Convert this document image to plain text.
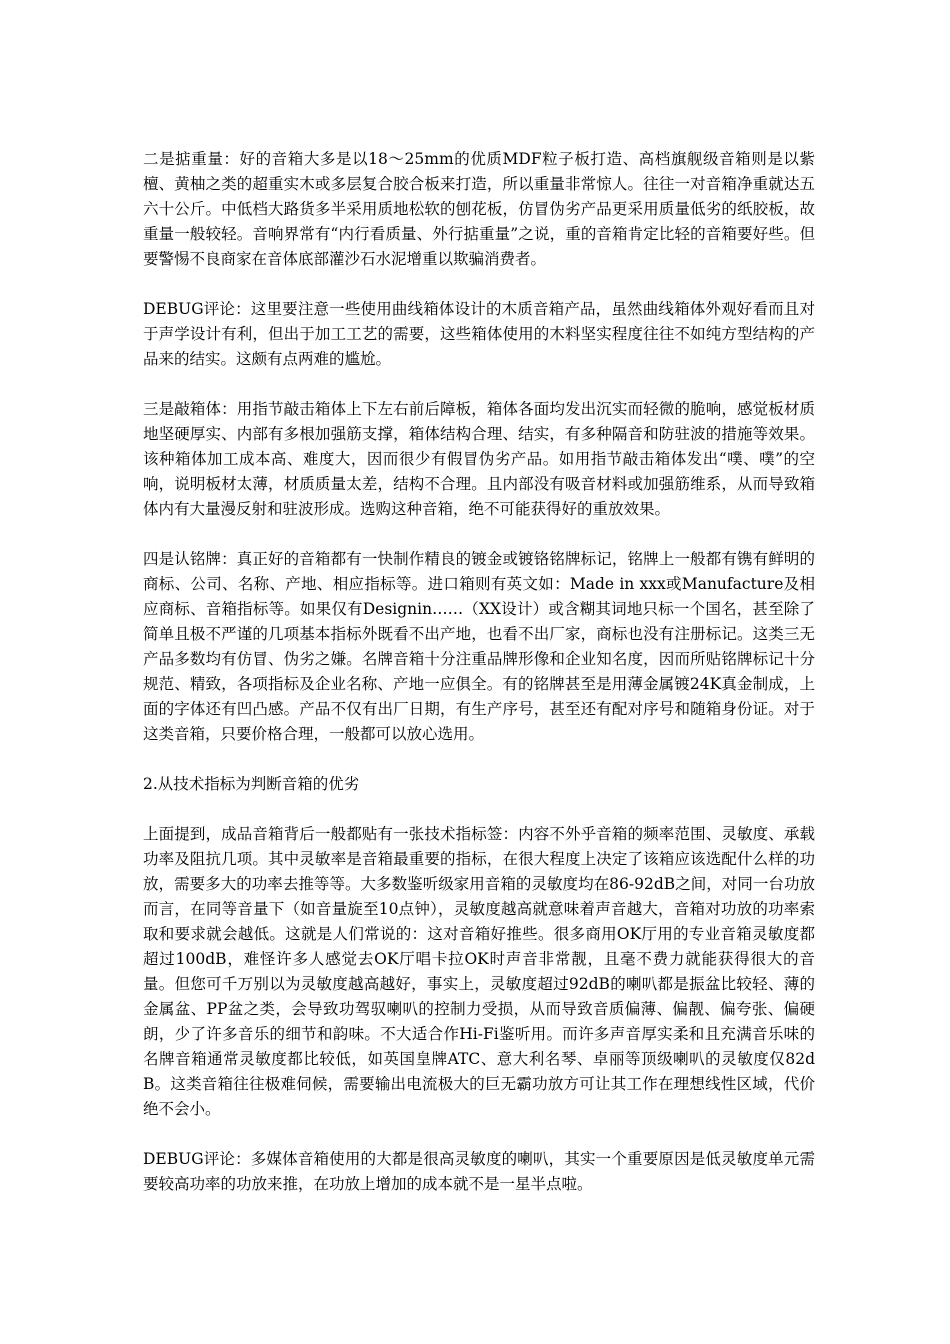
二是掂重量：好的音箱大多是以18～25mm的优质MDF粒子板打造、高档旗舰级音箱则是以紫檀、黄柚之类的超重实木或多层复合胶合板来打造，所以重量非常惊人。往往一对音箱净重就达五六十公斤。中低档大路货多半采用质地松软的刨花板，仿冒伪劣产品更采用质量低劣的纸胶板，故重量一般较轻。音响界常有“内行看质量、外行掂重量”之说，重的音箱肯定比轻的音箱要好些。但要警惕不良商家在音体底部灌沙石水泥增重以欺骗消费者。

DEBUG评论：这里要注意一些使用曲线箱体设计的木质音箱产品，虽然曲线箱体外观好看而且对于声学设计有利，但出于加工工艺的需要，这些箱体使用的木料坚实程度往往不如纯方型结构的产品来的结实。这颇有点两难的尴尬。

三是敲箱体：用指节敲击箱体上下左右前后障板，箱体各面均发出沉实而轻微的脆响，感觉板材质地坚硬厚实、内部有多根加强筋支撑，箱体结构合理、结实，有多种隔音和防驻波的措施等效果。该种箱体加工成本高、难度大，因而很少有假冒伪劣产品。如用指节敲击箱体发出“噗、噗”的空响，说明板材太薄，材质质量太差，结构不合理。且内部没有吸音材料或加强筋维系，从而导致箱体内有大量漫反射和驻波形成。选购这种音箱，绝不可能获得好的重放效果。

四是认铭牌：真正好的音箱都有一快制作精良的镀金或镀铬铭牌标记，铭牌上一般都有镌有鲜明的商标、公司、名称、产地、相应指标等。进口箱则有英文如：Made in xxx或Manufacture及相应商标、音箱指标等。如果仅有Designin……（XX设计）或含糊其词地只标一个国名，甚至除了简单且极不严谨的几项基本指标外既看不出产地，也看不出厂家，商标也没有注册标记。这类三无产品多数均有仿冒、伪劣之嫌。名牌音箱十分注重品牌形像和企业知名度，因而所贴铭牌标记十分规范、精致，各项指标及企业名称、产地一应俱全。有的铭牌甚至是用薄金属镀24K真金制成，上面的字体还有凹凸感。产品不仅有出厂日期，有生产序号，甚至还有配对序号和随箱身份证。对于这类音箱，只要价格合理，一般都可以放心选用。

2.从技术指标为判断音箱的优劣

上面提到，成品音箱背后一般都贴有一张技术指标签：内容不外乎音箱的频率范围、灵敏度、承载功率及阻抗几项。其中灵敏率是音箱最重要的指标，在很大程度上决定了该箱应该选配什么样的功放，需要多大的功率去推等等。大多数鉴听级家用音箱的灵敏度均在86-92dB之间，对同一台功放而言，在同等音量下（如音量旋至10点钟），灵敏度越高就意味着声音越大，音箱对功放的功率索取和要求就会越低。这就是人们常说的：这对音箱好推些。很多商用OK厅用的专业音箱灵敏度都超过100dB，难怪许多人感觉去OK厅唱卡拉OK时声音非常靓，且毫不费力就能获得很大的音量。但您可千万别以为灵敏度越高越好，事实上，灵敏度超过92dB的喇叭都是振盆比较轻、薄的金属盆、PP盆之类，会导致功驾驭喇叭的控制力受损，从而导致音质偏薄、偏靓、偏夸张、偏硬朗，少了许多音乐的细节和韵味。不大适合作Hi-Fi鉴听用。而许多声音厚实柔和且充满音乐味的名牌音箱通常灵敏度都比较低，如英国皇牌ATC、意大利名琴、卓丽等顶级喇叭的灵敏度仅82dB。这类音箱往往极难伺候，需要输出电流极大的巨无霸功放方可让其工作在理想线性区域，代价绝不会小。

DEBUG评论：多媒体音箱使用的大都是很高灵敏度的喇叭，其实一个重要原因是低灵敏度单元需要较高功率的功放来推，在功放上增加的成本就不是一星半点啦。
